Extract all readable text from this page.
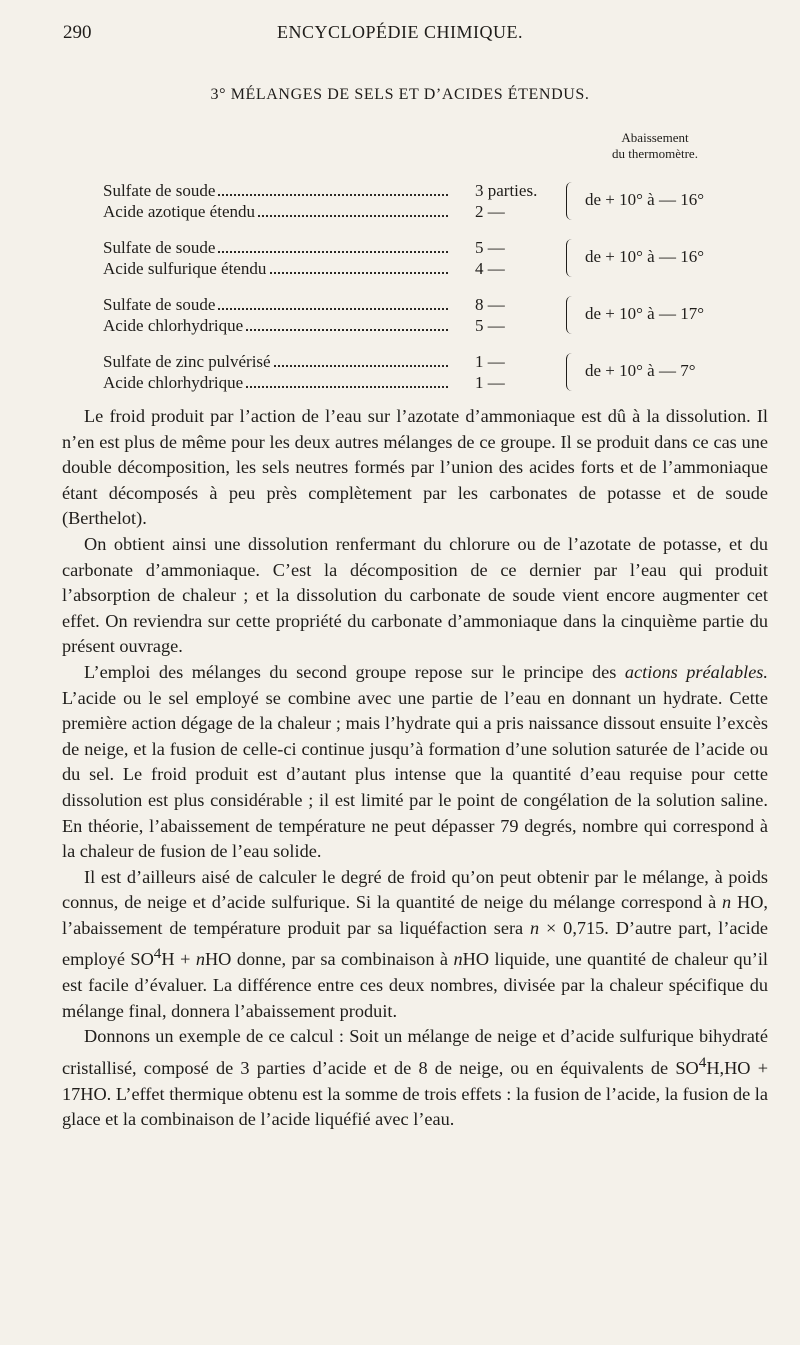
290	ENCYCLOPÉDIE CHIMIQUE.
3° MÉLANGES DE SELS ET D’ACIDES ÉTENDUS.
Abaissement
du thermomètre.
Sulfate de soude	3 parties.
Acide azotique étendu	2 —
de + 10° à — 16°
Sulfate de soude	5 —
Acide sulfurique étendu	4 —
de + 10° à — 16°
Sulfate de soude	8 —
Acide chlorhydrique	5 —
de + 10° à — 17°
Sulfate de zinc pulvérisé	1 —
Acide chlorhydrique	1 —
de + 10° à — 7°

Le froid produit par l’action de l’eau sur l’azotate d’ammoniaque est dû à la dissolution. Il n’en est plus de même pour les deux autres mélanges de ce groupe. Il se produit dans ce cas une double décomposition, les sels neutres formés par l’union des acides forts et de l’ammoniaque étant décomposés à peu près complètement par les carbonates de potasse et de soude (Berthelot).

On obtient ainsi une dissolution renfermant du chlorure ou de l’azotate de potasse, et du carbonate d’ammoniaque. C’est la décomposition de ce dernier par l’eau qui produit l’absorption de chaleur ; et la dissolution du carbonate de soude vient encore augmenter cet effet. On reviendra sur cette propriété du carbonate d’ammoniaque dans la cinquième partie du présent ouvrage.

L’emploi des mélanges du second groupe repose sur le principe des actions préalables. L’acide ou le sel employé se combine avec une partie de l’eau en donnant un hydrate. Cette première action dégage de la chaleur ; mais l’hydrate qui a pris naissance dissout ensuite l’excès de neige, et la fusion de celle-ci continue jusqu’à formation d’une solution saturée de l’acide ou du sel. Le froid produit est d’autant plus intense que la quantité d’eau requise pour cette dissolution est plus considérable ; il est limité par le point de congélation de la solution saline. En théorie, l’abaissement de température ne peut dépasser 79 degrés, nombre qui correspond à la chaleur de fusion de l’eau solide.

Il est d’ailleurs aisé de calculer le degré de froid qu’on peut obtenir par le mélange, à poids connus, de neige et d’acide sulfurique. Si la quantité de neige du mélange correspond à n HO, l’abaissement de température produit par sa liquéfaction sera n × 0,715. D’autre part, l’acide employé $SO^4H$ + nHO donne, par sa combinaison à nHO liquide, une quantité de chaleur qu’il est facile d’évaluer. La différence entre ces deux nombres, divisée par la chaleur spécifique du mélange final, donnera l’abaissement produit.

Donnons un exemple de ce calcul : Soit un mélange de neige et d’acide sulfurique bihydraté cristallisé, composé de 3 parties d’acide et de 8 de neige, ou en équivalents de $SO^4H,HO + 17HO$. L’effet thermique obtenu est la somme de trois effets : la fusion de l’acide, la fusion de la glace et la combinaison de l’acide liquéfié avec l’eau.
